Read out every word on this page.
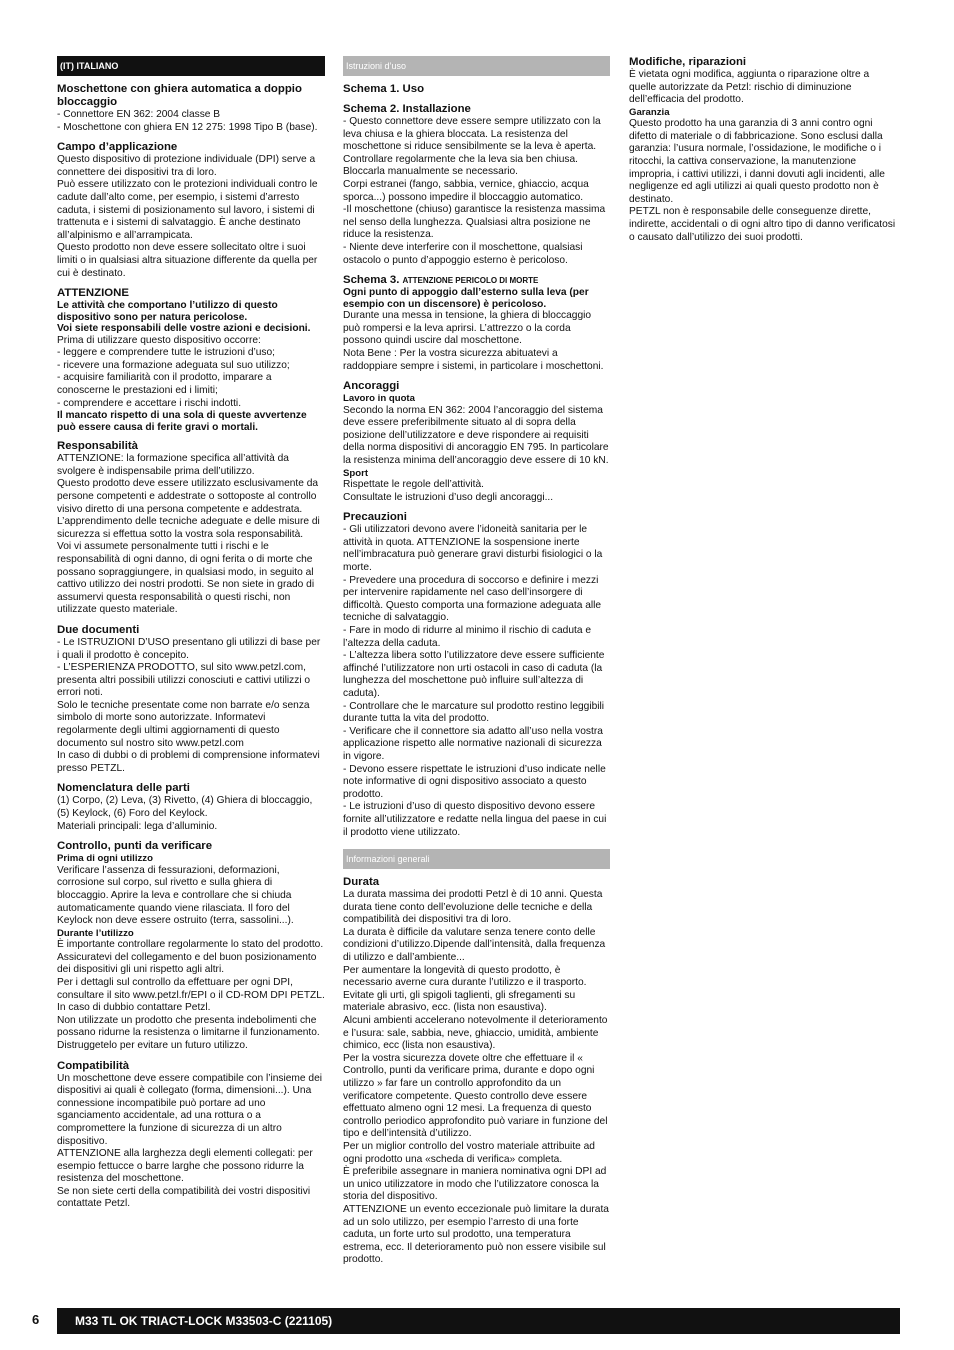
(IT) ITALIANO
Moschettone con ghiera automatica a doppio bloccaggio
- Connettore EN 362: 2004 classe B
- Moschettone con ghiera EN 12 275: 1998 Tipo B (base).
Campo d’applicazione
Questo dispositivo di protezione individuale (DPI) serve a connettere dei dispositivi tra di loro.
Può essere utilizzato con le protezioni individuali contro le cadute dall’alto come, per esempio, i sistemi d’arresto caduta, i sistemi di posizionamento sul lavoro, i sistemi di trattenuta e i sistemi di salvataggio. È anche destinato all’alpinismo e all’arrampicata.
Questo prodotto non deve essere sollecitato oltre i suoi limiti o in qualsiasi altra situazione differente da quella per cui è destinato.
ATTENZIONE
Le attività che comportano l’utilizzo di questo dispositivo sono per natura pericolose.
Voi siete responsabili delle vostre azioni e decisioni.
Prima di utilizzare questo dispositivo occorre:
- leggere e comprendere tutte le istruzioni d’uso;
- ricevere una formazione adeguata sul suo utilizzo;
- acquisire familiarità con il prodotto, imparare a conoscerne le prestazioni ed i limiti;
- comprendere e accettare i rischi indotti.
Il mancato rispetto di una sola di queste avvertenze può essere causa di ferite gravi o mortali.
Responsabilità
ATTENZIONE: la formazione specifica all’attività da svolgere è indispensabile prima dell’utilizzo.
Questo prodotto deve essere utilizzato esclusivamente da persone competenti e addestrate o sottoposte al controllo visivo diretto di una persona competente e addestrata.
L’apprendimento delle tecniche adeguate e delle misure di sicurezza si effettua sotto la vostra sola responsabilità.
Voi vi assumete personalmente tutti i rischi e le responsabilità di ogni danno, di ogni ferita o di morte che possano sopraggiungere, in qualsiasi modo, in seguito al cattivo utilizzo dei nostri prodotti. Se non siete in grado di assumervi questa responsabilità o questi rischi, non utilizzate questo materiale.
Due documenti
- Le ISTRUZIONI D’USO presentano gli utilizzi di base per i quali il prodotto è concepito.
- L’ESPERIENZA PRODOTTO, sul sito www.petzl.com, presenta altri possibili utilizzi conosciuti e cattivi utilizzi o errori noti.
Solo le tecniche presentate come non barrate e/o senza simbolo di morte sono autorizzate. Informatevi regolarmente degli ultimi aggiornamenti di questo documento sul nostro sito www.petzl.com
In caso di dubbi o di problemi di comprensione informatevi presso PETZL.
Nomenclatura delle parti
(1) Corpo, (2) Leva, (3) Rivetto, (4) Ghiera di bloccaggio, (5) Keylock, (6) Foro del Keylock.
Materiali principali: lega d’alluminio.
Controllo, punti da verificare
Prima di ogni utilizzo
Verificare l’assenza di fessurazioni, deformazioni, corrosione sul corpo, sul rivetto e sulla ghiera di bloccaggio. Aprire la leva e controllare che si chiuda automaticamente quando viene rilasciata. Il foro del Keylock non deve essere ostruito (terra, sassolini...).
Durante l’utilizzo
È importante controllare regolarmente lo stato del prodotto. Assicuratevi del collegamento e del buon posizionamento dei dispositivi gli uni rispetto agli altri.
Per i dettagli sul controllo da effettuare per ogni DPI, consultare il sito www.petzl.fr/EPI o il CD-ROM DPI PETZL.
In caso di dubbio contattare Petzl.
Non utilizzate un prodotto che presenta indebolimenti che possano ridurne la resistenza o limitarne il funzionamento. Distruggetelo per evitare un futuro utilizzo.
Compatibilità
Un moschettone deve essere compatibile con l’insieme dei dispositivi ai quali è collegato (forma, dimensioni...). Una connessione incompatibile può portare ad uno sganciamento accidentale, ad una rottura o a compromettere la funzione di sicurezza di un altro dispositivo.
ATTENZIONE alla larghezza degli elementi collegati: per esempio fettucce o barre larghe che possono ridurre la resistenza del moschettone.
Se non siete certi della compatibilità dei vostri dispositivi contattate Petzl.
Istruzioni d’uso
Schema 1. Uso
Schema 2. Installazione
- Questo connettore deve essere sempre utilizzato con la leva chiusa e la ghiera bloccata. La resistenza del moschettone si riduce sensibilmente se la leva è aperta.
Controllare regolarmente che la leva sia ben chiusa. Bloccarla manualmente se necessario.
Corpi estranei (fango, sabbia, vernice, ghiaccio, acqua sporca...) possono impedire il bloccaggio automatico.
-Il moschettone (chiuso) garantisce la resistenza massima nel senso della lunghezza. Qualsiasi altra posizione ne riduce la resistenza.
- Niente deve interferire con il moschettone, qualsiasi ostacolo o punto d’appoggio esterno è pericoloso.
Schema 3. ATTENZIONE PERICOLO DI MORTE
Ogni punto di appoggio dall’esterno sulla leva (per esempio con un discensore) è pericoloso.
Durante una messa in tensione, la ghiera di bloccaggio può rompersi e la leva aprirsi. L’attrezzo o la corda possono quindi uscire dal moschettone.
Nota Bene : Per la vostra sicurezza abituatevi a raddoppiare sempre i sistemi, in particolare i moschettoni.
Ancoraggi
Lavoro in quota
Secondo la norma EN 362: 2004 l’ancoraggio del sistema deve essere preferibilmente situato al di sopra della posizione dell’utilizzatore e deve rispondere ai requisiti della norma dispositivi di ancoraggio EN 795. In particolare la resistenza minima dell’ancoraggio deve essere di 10 kN.
Sport
Rispettate le regole dell’attività.
Consultate le istruzioni d’uso degli ancoraggi...
Precauzioni
- Gli utilizzatori devono avere l’idoneità sanitaria per le attività in quota. ATTENZIONE la sospensione inerte nell’imbracatura può generare gravi disturbi fisiologici o la morte.
- Prevedere una procedura di soccorso e definire i mezzi per intervenire rapidamente nel caso dell’insorgere di difficoltà. Questo comporta una formazione adeguata alle tecniche di salvataggio.
- Fare in modo di ridurre al minimo il rischio di caduta e l’altezza della caduta.
- L’altezza libera sotto l’utilizzatore deve essere sufficiente affinché l’utilizzatore non urti ostacoli in caso di caduta (la lunghezza del moschettone può influire sull’altezza di caduta).
- Controllare che le marcature sul prodotto restino leggibili durante tutta la vita del prodotto.
- Verificare che il connettore sia adatto all’uso nella vostra applicazione rispetto alle normative nazionali di sicurezza in vigore.
- Devono essere rispettate le istruzioni d’uso indicate nelle note informative di ogni dispositivo associato a questo prodotto.
- Le istruzioni d’uso di questo dispositivo devono essere fornite all’utilizzatore e redatte nella lingua del paese in cui il prodotto viene utilizzato.
Informazioni generali
Durata
La durata massima dei prodotti Petzl è di 10 anni. Questa durata tiene conto dell’evoluzione delle tecniche e della compatibilità dei dispositivi tra di loro.
La durata è difficile da valutare senza tenere conto delle condizioni d’utilizzo.Dipende dall’intensità, dalla frequenza di utilizzo e dall’ambiente...
Per aumentare la longevità di questo prodotto, è necessario averne cura durante l’utilizzo e il trasporto. Evitate gli urti, gli spigoli taglienti, gli sfregamenti su materiale abrasivo, ecc. (lista non esaustiva).
Alcuni ambienti accelerano notevolmente il deterioramento e l’usura: sale, sabbia, neve, ghiaccio, umidità, ambiente chimico, ecc (lista non esaustiva).
Per la vostra sicurezza dovete oltre che effettuare il « Controllo, punti da verificare prima, durante e dopo ogni utilizzo » far fare un controllo approfondito da un verificatore competente. Questo controllo deve essere effettuato almeno ogni 12 mesi. La frequenza di questo controllo periodico approfondito può variare in funzione del tipo e dell’intensità d’utilizzo.
Per un miglior controllo del vostro materiale attribuite ad ogni prodotto una «scheda di verifica» completa.
È preferibile assegnare in maniera nominativa ogni DPI ad un unico utilizzatore in modo che l’utilizzatore conosca la storia del dispositivo.
ATTENZIONE un evento eccezionale può limitare la durata ad un solo utilizzo, per esempio l’arresto di una forte caduta, un forte urto sul prodotto, una temperatura estrema, ecc. Il deterioramento può non essere visibile sul prodotto.
Modifiche, riparazioni
È vietata ogni modifica, aggiunta o riparazione oltre a quelle autorizzate da Petzl: rischio di diminuzione dell’efficacia del prodotto.
Garanzia
Questo prodotto ha una garanzia di 3 anni contro ogni difetto di materiale o di fabbricazione. Sono esclusi dalla garanzia: l’usura normale, l’ossidazione, le modifiche o i ritocchi, la cattiva conservazione, la manutenzione impropria, i cattivi utilizzi, i danni dovuti agli incidenti, alle negligenze ed agli utilizzi ai quali questo prodotto non è destinato.
PETZL non è responsabile delle conseguenze dirette, indirette, accidentali o di ogni altro tipo di danno verificatosi o causato dall’utilizzo dei suoi prodotti.
6	M33 TL OK TRIACT-LOCK M33503-C (221105)
